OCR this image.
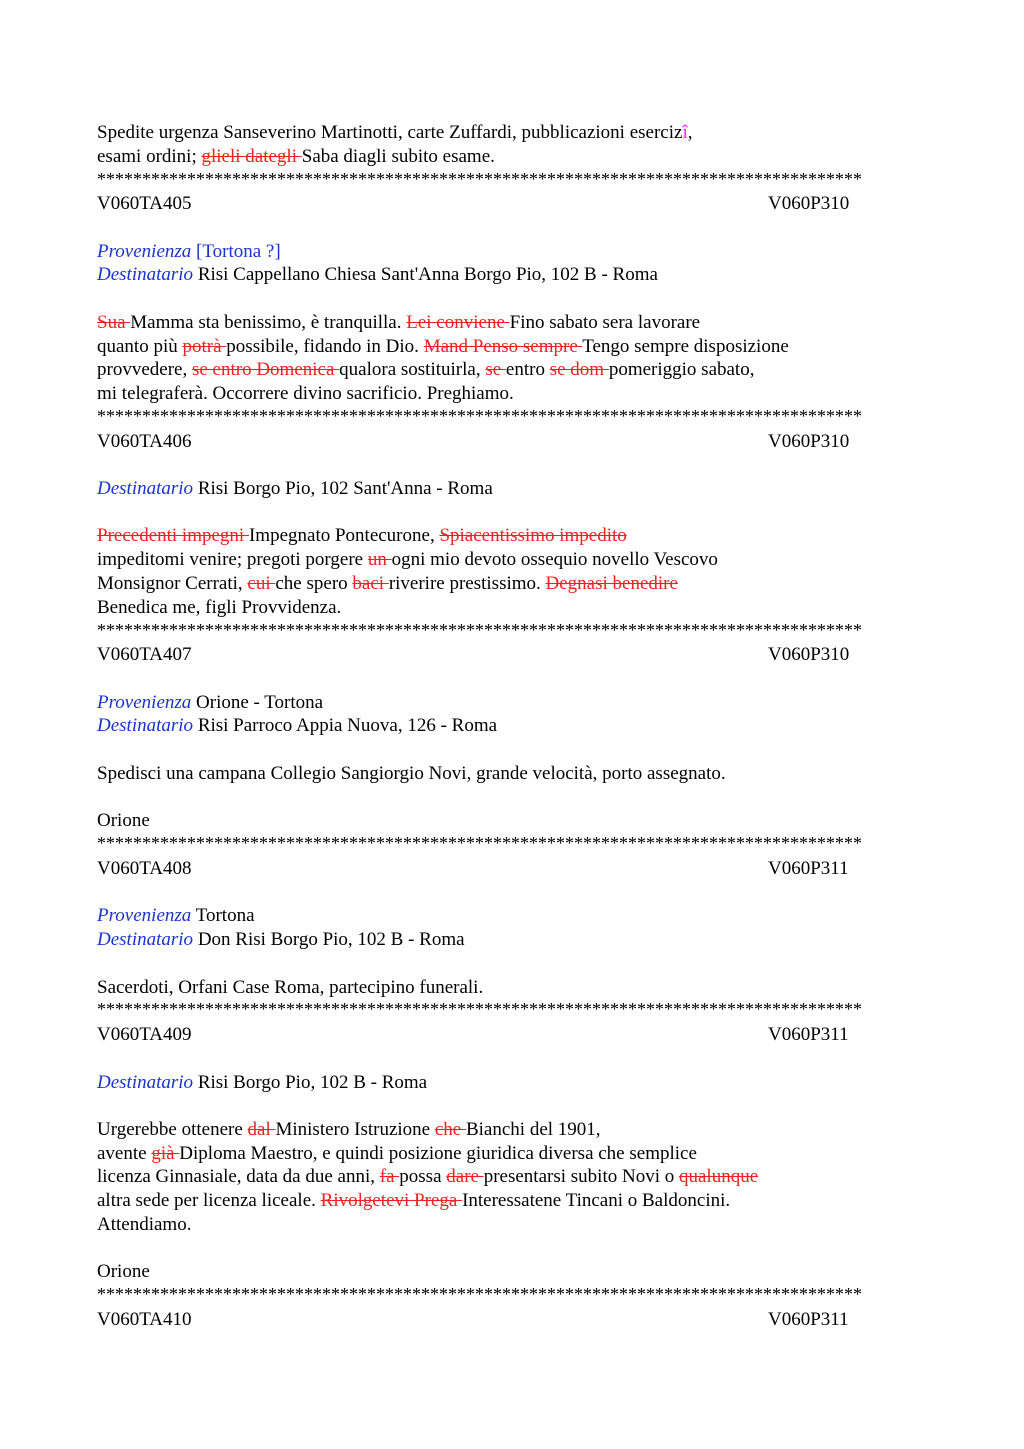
Spedite urgenza Sanseverino Martinotti, carte Zuffardi, pubblicazioni esercizî,
esami ordini; glieli dategli Saba diagli subito esame.
*************************************************************************************
V060TA405	V060P310
Provenienza [Tortona ?]
Destinatario Risi Cappellano Chiesa Sant'Anna Borgo Pio, 102 B - Roma
Sua Mamma sta benissimo, è tranquilla. Lei conviene Fino sabato sera lavorare
quanto più potrà possibile, fidando in Dio. Mand Penso sempre Tengo sempre disposizione
provvedere, se entro Domenica qualora sostituirla, se entro se dom pomeriggio sabato,
mi telegraferà. Occorrere divino sacrificio. Preghiamo.
*************************************************************************************
V060TA406	V060P310
Destinatario Risi Borgo Pio, 102 Sant'Anna - Roma
Precedenti impegni Impegnato Pontecurone, Spiacentissimo impedito
impeditomi venire; pregoti porgere un ogni mio devoto ossequio novello Vescovo
Monsignor Cerrati, cui che spero baci riverire prestissimo. Degnasi benedire
Benedica me, figli Provvidenza.
*************************************************************************************
V060TA407	V060P310
Provenienza Orione - Tortona
Destinatario Risi Parroco Appia Nuova, 126 - Roma
Spedisci una campana Collegio Sangiorgio Novi, grande velocità, porto assegnato.
Orione
*************************************************************************************
V060TA408	V060P311
Provenienza Tortona
Destinatario Don Risi Borgo Pio, 102 B - Roma
Sacerdoti, Orfani Case Roma, partecipino funerali.
*************************************************************************************
V060TA409	V060P311
Destinatario Risi Borgo Pio, 102 B - Roma
Urgerebbe ottenere dal Ministero Istruzione che Bianchi del 1901,
avente già Diploma Maestro, e quindi posizione giuridica diversa che semplice
licenza Ginnasiale, data da due anni, fa possa dare presentarsi subito Novi o qualunque
altra sede per licenza liceale. Rivolgetevi Prega Interessatene Tincani o Baldoncini.
Attendiamo.
Orione
*************************************************************************************
V060TA410	V060P311
